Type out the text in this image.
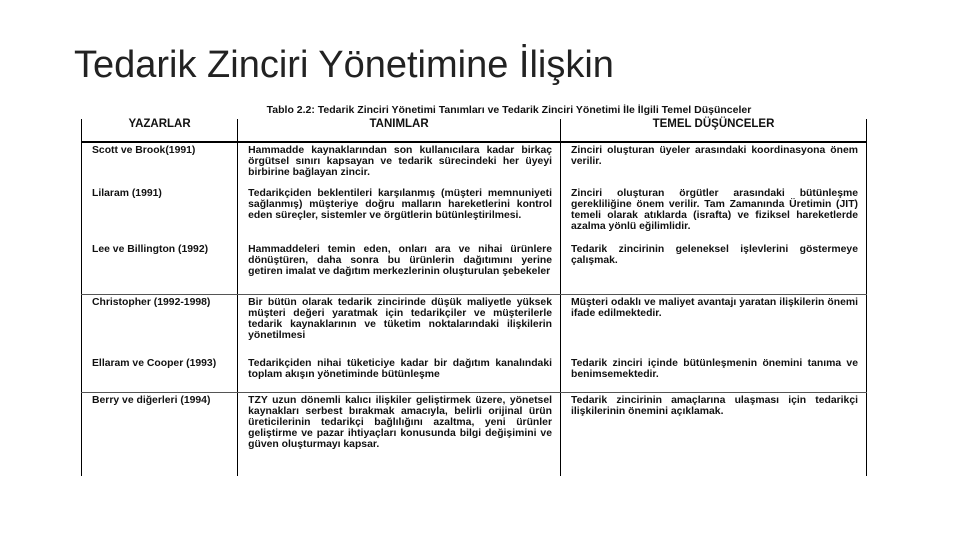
Tedarik Zinciri Yönetimine İlişkin
Tablo 2.2: Tedarik Zinciri Yönetimi Tanımları ve Tedarik Zinciri Yönetimi İle İlgili Temel Düşünceler
YAZARLAR	TANIMLAR	TEMEL DÜŞÜNCELER
Scott ve Brook(1991)	Hammadde kaynaklarından son kullanıcılara kadar birkaç örgütsel sınırı kapsayan ve tedarik sürecindeki her üyeyi birbirine bağlayan zincir.	Zinciri oluşturan üyeler arasındaki koordinasyona önem verilir.
Lilaram (1991)	Tedarikçiden beklentileri karşılanmış (müşteri memnuniyeti sağlanmış) müşteriye doğru malların hareketlerini kontrol eden süreçler, sistemler ve örgütlerin bütünleştirilmesi.	Zinciri oluşturan örgütler arasındaki bütünleşme gerekliliğine önem verilir. Tam Zamanında Üretimin (JIT) temeli olarak atıklarda (israfta) ve fiziksel hareketlerde azalma yönlü eğilimlidir.
Lee ve Billington (1992)	Hammaddeleri temin eden, onları ara ve nihai ürünlere dönüştüren, daha sonra bu ürünlerin dağıtımını yerine getiren imalat ve dağıtım merkezlerinin oluşturulan şebekeler	Tedarik zincirinin geleneksel işlevlerini göstermeye çalışmak.
Christopher (1992-1998)	Bir bütün olarak tedarik zincirinde düşük maliyetle yüksek müşteri değeri yaratmak için tedarikçiler ve müşterilerle tedarik kaynaklarının ve tüketim noktalarındaki ilişkilerin yönetilmesi	Müşteri odaklı ve maliyet avantajı yaratan ilişkilerin önemi ifade edilmektedir.
Ellaram ve Cooper (1993)	Tedarikçiden nihai tüketiciye kadar bir dağıtım kanalındaki toplam akışın yönetiminde bütünleşme	Tedarik zinciri içinde bütünleşmenin önemini tanıma ve benimsemektedir.
Berry ve diğerleri (1994)	TZY uzun dönemli kalıcı ilişkiler geliştirmek üzere, yönetsel kaynakları serbest bırakmak amacıyla, belirli orijinal ürün üreticilerinin tedarikçi bağlılığını azaltma, yeni ürünler geliştirme ve pazar ihtiyaçları konusunda bilgi değişimini ve güven oluşturmayı kapsar.	Tedarik zincirinin amaçlarına ulaşması için tedarikçi ilişkilerinin önemini açıklamak.
